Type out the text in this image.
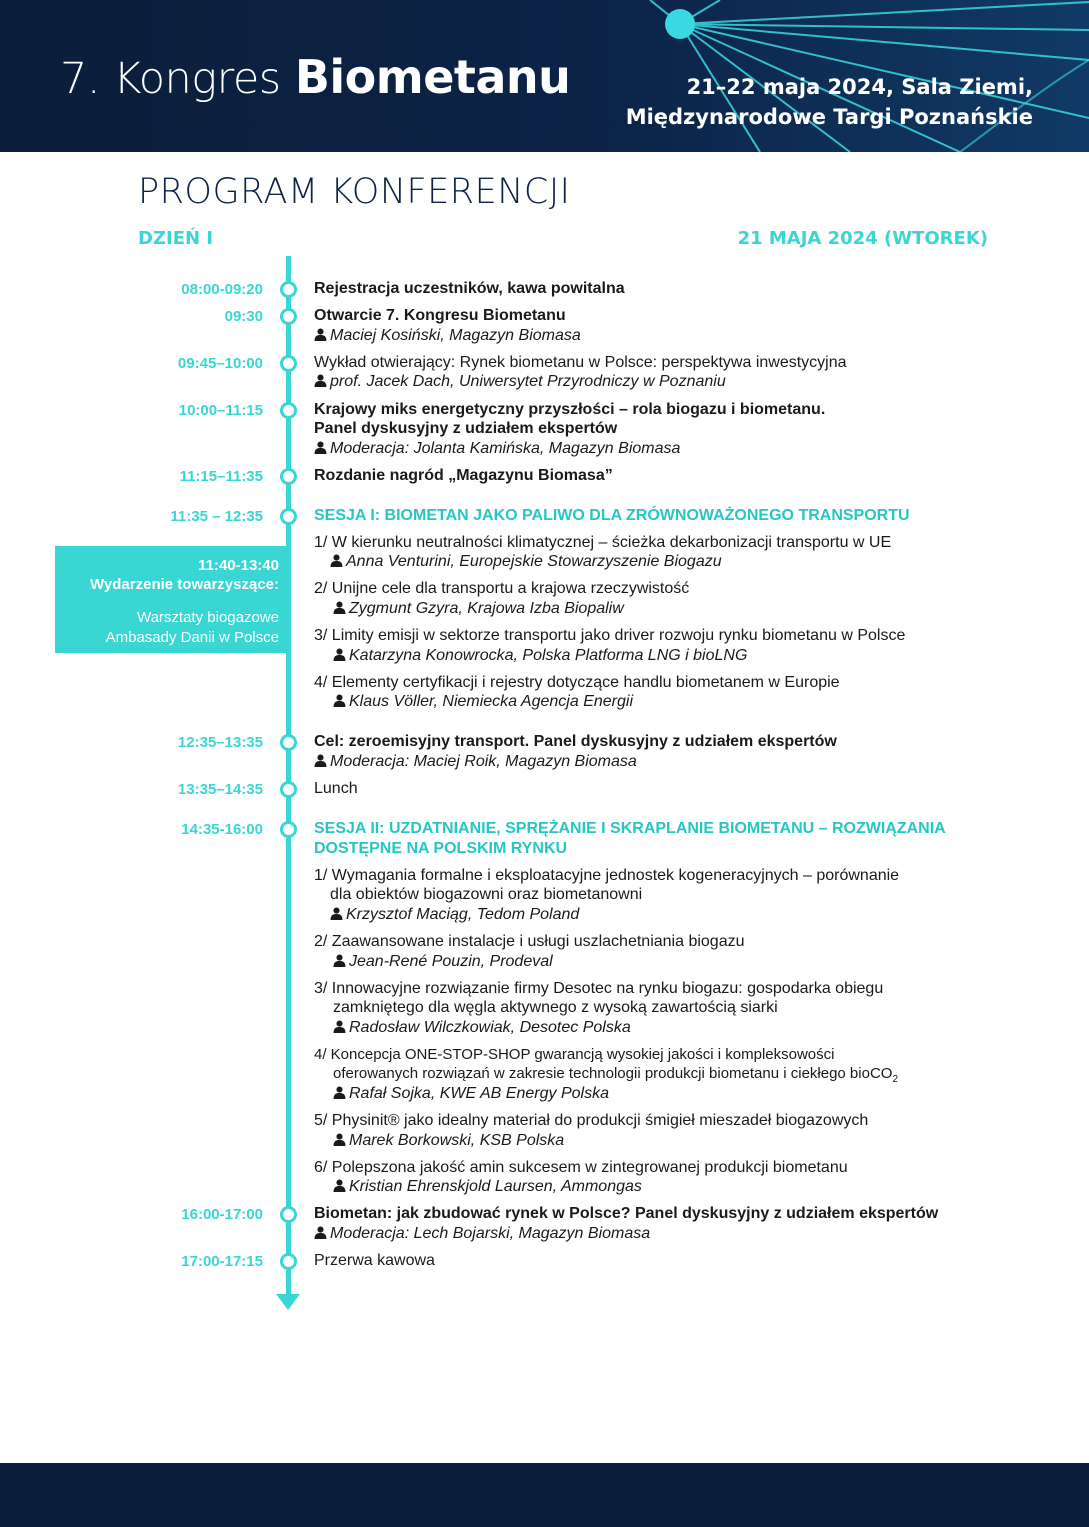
7. Kongres Biometanu	21–22 maja 2024, Sala Ziemi,
Międzynarodowe Targi Poznańskie
PROGRAM KONFERENCJI
DZIEŃ I	21 MAJA 2024 (WTOREK)
08:00-09:20
09:30
09:45–10:00
10:00–11:15
11:15–11:35
11:35 – 12:35
12:35–13:35
13:35–14:35
14:35-16:00
16:00-17:00
17:00-17:15
11:40-13:40
Wydarzenie towarzyszące:
Warsztaty biogazowe
Ambasady Danii w Polsce
Rejestracja uczestników, kawa powitalna
Otwarcie 7. Kongresu Biometanu
Maciej Kosiński, Magazyn Biomasa
Wykład otwierający: Rynek biometanu w Polsce: perspektywa inwestycyjna
prof. Jacek Dach, Uniwersytet Przyrodniczy w Poznaniu
Krajowy miks energetyczny przyszłości – rola biogazu i biometanu.
Panel dyskusyjny z udziałem ekspertów
Moderacja: Jolanta Kamińska, Magazyn Biomasa
Rozdanie nagród „Magazynu Biomasa”
SESJA I: BIOMETAN JAKO PALIWO DLA ZRÓWNOWAŻONEGO TRANSPORTU
1/ W kierunku neutralności klimatycznej – ścieżka dekarbonizacji transportu w UE
Anna Venturini, Europejskie Stowarzyszenie Biogazu
2/ Unijne cele dla transportu a krajowa rzeczywistość
Zygmunt Gzyra, Krajowa Izba Biopaliw
3/ Limity emisji w sektorze transportu jako driver rozwoju rynku biometanu w Polsce
Katarzyna Konowrocka, Polska Platforma LNG i bioLNG
4/ Elementy certyfikacji i rejestry dotyczące handlu biometanem w Europie
Klaus Völler, Niemiecka Agencja Energii
Cel: zeroemisyjny transport. Panel dyskusyjny z udziałem ekspertów
Moderacja: Maciej Roik, Magazyn Biomasa
Lunch
SESJA II: UZDATNIANIE, SPRĘŻANIE I SKRAPLANIE BIOMETANU – ROZWIĄZANIA
DOSTĘPNE NA POLSKIM RYNKU
1/ Wymagania formalne i eksploatacyjne jednostek kogeneracyjnych – porównanie
dla obiektów biogazowni oraz biometanowni
Krzysztof Maciąg, Tedom Poland
2/ Zaawansowane instalacje i usługi uszlachetniania biogazu
Jean-René Pouzin, Prodeval
3/ Innowacyjne rozwiązanie firmy Desotec na rynku biogazu: gospodarka obiegu
zamkniętego dla węgla aktywnego z wysoką zawartością siarki
Radosław Wilczkowiak, Desotec Polska
4/ Koncepcja ONE-STOP-SHOP gwarancją wysokiej jakości i kompleksowości
oferowanych rozwiązań w zakresie technologii produkcji biometanu i ciekłego bioCO$_2$
Rafał Sojka, KWE AB Energy Polska
5/ Physinit® jako idealny materiał do produkcji śmigieł mieszadeł biogazowych
Marek Borkowski, KSB Polska
6/ Polepszona jakość amin sukcesem w zintegrowanej produkcji biometanu
Kristian Ehrenskjold Laursen, Ammongas
Biometan: jak zbudować rynek w Polsce? Panel dyskusyjny z udziałem ekspertów
Moderacja: Lech Bojarski, Magazyn Biomasa
Przerwa kawowa
